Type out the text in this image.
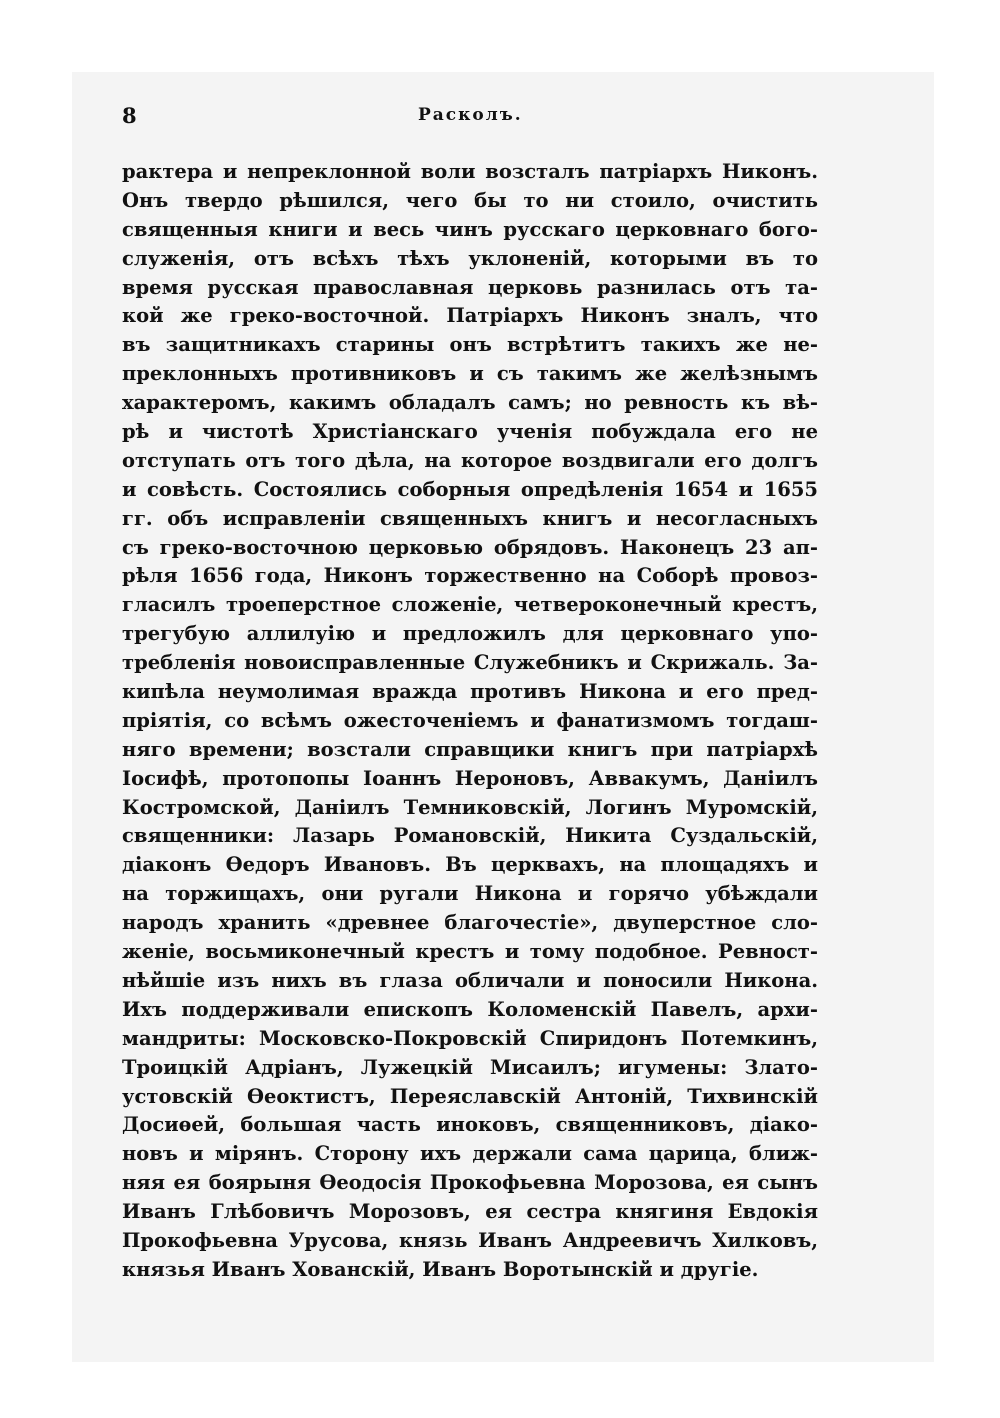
8	Расколъ.
рактера и непреклонной воли возсталъ патріархъ Никонъ.
Онъ твердо рѣшился, чего бы то ни стоило, очистить
священныя книги и весь чинъ русскаго церковнаго бого-
служенія, отъ всѣхъ тѣхъ уклоненій, которыми въ то
время русская православная церковь разнилась отъ та-
кой же греко-восточной. Патріархъ Никонъ зналъ, что
въ защитникахъ старины онъ встрѣтитъ такихъ же не-
преклонныхъ противниковъ и съ такимъ же желѣзнымъ
характеромъ, какимъ обладалъ самъ; но ревность къ вѣ-
рѣ и чистотѣ Христіанскаго ученія побуждала его не
отступать отъ того дѣла, на которое воздвигали его долгъ
и совѣсть. Состоялись соборныя опредѣленія 1654 и 1655
гг. объ исправленіи священныхъ книгъ и несогласныхъ
съ греко-восточною церковью обрядовъ. Наконецъ 23 ап-
рѣля 1656 года, Никонъ торжественно на Соборѣ провоз-
гласилъ троеперстное сложеніе, четвероконечный крестъ,
трегубую аллилуію и предложилъ для церковнаго упо-
требленія новоисправленные Служебникъ и Скрижаль. За-
кипѣла неумолимая вражда противъ Никона и его пред-
пріятія, со всѣмъ ожесточеніемъ и фанатизмомъ тогдаш-
няго времени; возстали справщики книгъ при патріархѣ
Іосифѣ, протопопы Іоаннъ Нероновъ, Аввакумъ, Даніилъ
Костромской, Даніилъ Темниковскій, Логинъ Муромскій,
священники: Лазарь Романовскій, Никита Суздальскій,
діаконъ Ѳедоръ Ивановъ. Въ церквахъ, на площадяхъ и
на торжищахъ, они ругали Никона и горячо убѣждали
народъ хранить «древнее благочестіе», двуперстное сло-
женіе, восьмиконечный крестъ и тому подобное. Ревност-
нѣйшіе изъ нихъ въ глаза обличали и поносили Никона.
Ихъ поддерживали епископъ Коломенскій Павелъ, архи-
мандриты: Московско-Покровскій Спиридонъ Потемкинъ,
Троицкій Адріанъ, Лужецкій Мисаилъ; игумены: Злато-
устовскій Ѳеоктистъ, Переяславскій Антоній, Тихвинскій
Досиѳей, большая часть иноковъ, священниковъ, діако-
новъ и мірянъ. Сторону ихъ держали сама царица, ближ-
няя ея боярыня Ѳеодосія Прокофьевна Морозова, ея сынъ
Иванъ Глѣбовичъ Морозовъ, ея сестра княгиня Евдокія
Прокофьевна Урусова, князь Иванъ Андреевичъ Хилковъ,
князья Иванъ Хованскій, Иванъ Воротынскій и другіе.
